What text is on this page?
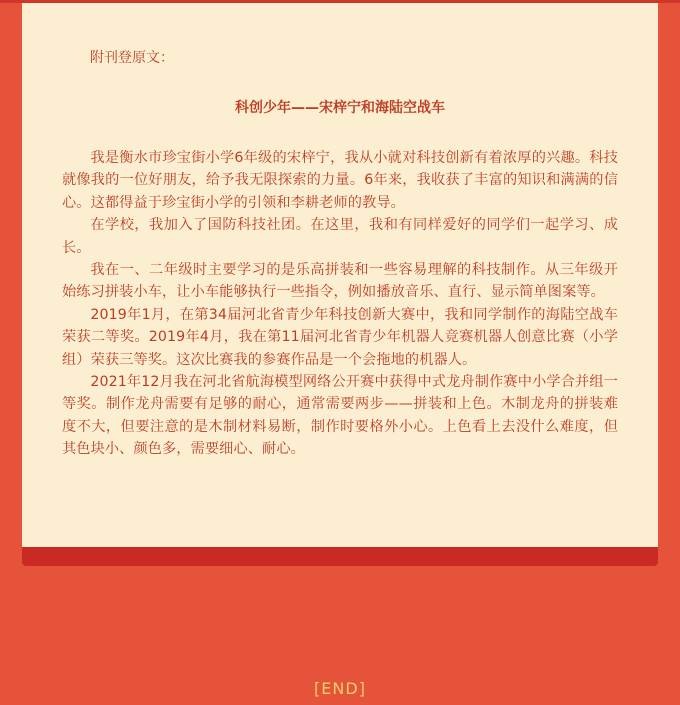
附刊登原文：

科创少年——宋梓宁和海陆空战车

我是衡水市珍宝街小学6年级的宋梓宁，我从小就对科技创新有着浓厚的兴趣。科技就像我的一位好朋友，给予我无限探索的力量。6年来，我收获了丰富的知识和满满的信心。这都得益于珍宝街小学的引领和李耕老师的教导。

在学校，我加入了国防科技社团。在这里，我和有同样爱好的同学们一起学习、成长。

我在一、二年级时主要学习的是乐高拼装和一些容易理解的科技制作。从三年级开始练习拼装小车，让小车能够执行一些指令，例如播放音乐、直行、显示简单图案等。

2019年1月，在第34届河北省青少年科技创新大赛中，我和同学制作的海陆空战车荣获二等奖。2019年4月，我在第11届河北省青少年机器人竞赛机器人创意比赛（小学组）荣获三等奖。这次比赛我的参赛作品是一个会拖地的机器人。

2021年12月我在河北省航海模型网络公开赛中获得中式龙舟制作赛中小学合并组一等奖。制作龙舟需要有足够的耐心，通常需要两步——拼装和上色。木制龙舟的拼装难度不大，但要注意的是木制材料易断，制作时要格外小心。上色看上去没什么难度，但其色块小、颜色多，需要细心、耐心。

[END]
